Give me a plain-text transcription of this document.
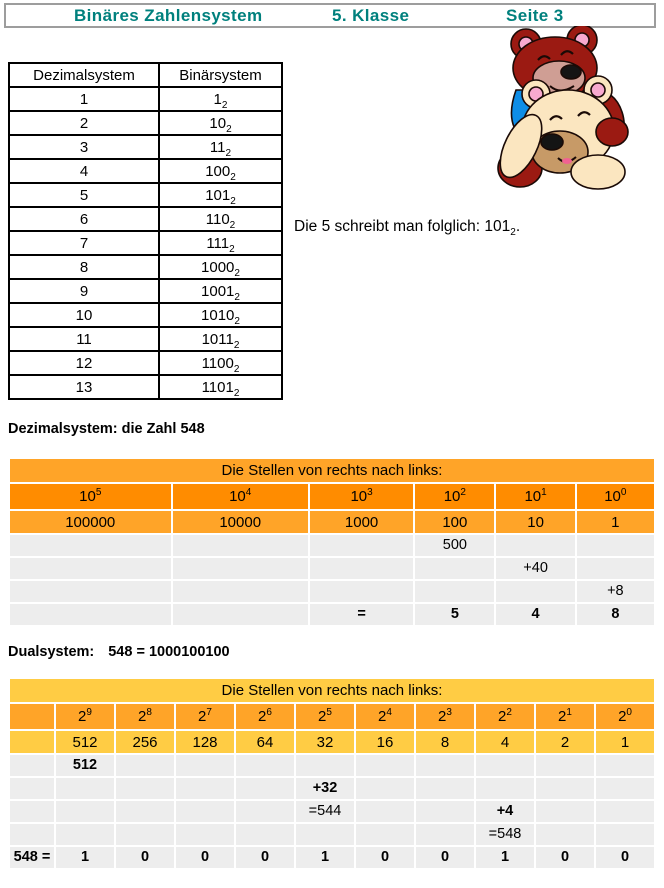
Binäres Zahlensystem	5. Klasse	Seite 3
Dezimalsystem	Binärsystem
1	$1_2$
2	$10_2$
3	$11_2$
4	$100_2$
5	$101_2$
6	$110_2$
7	$111_2$
8	$1000_2$
9	$1001_2$
10	$1010_2$
11	$1011_2$
12	$1100_2$
13	$1101_2$
Die 5 schreibt man folglich: $101_2$.
Dezimalsystem: die Zahl 548
Die Stellen von rechts nach links:					
$10^5$	$10^4$	$10^3$	$10^2$	$10^1$	$10^0$
100000	10000	1000	100	10	1
			500		
				+40	
					+8
		=	5	4	8
Dualsystem: 548 = 1000100100
Die Stellen von rechts nach links:										
	$2^9$	$2^8$	$2^7$	$2^6$	$2^5$	$2^4$	$2^3$	$2^2$	$2^1$	$2^0$
	512	256	128	64	32	16	8	4	2	1
	512									
					+32					
					=544			+4		
								=548		
548 =	1	0	0	0	1	0	0	1	0	0
